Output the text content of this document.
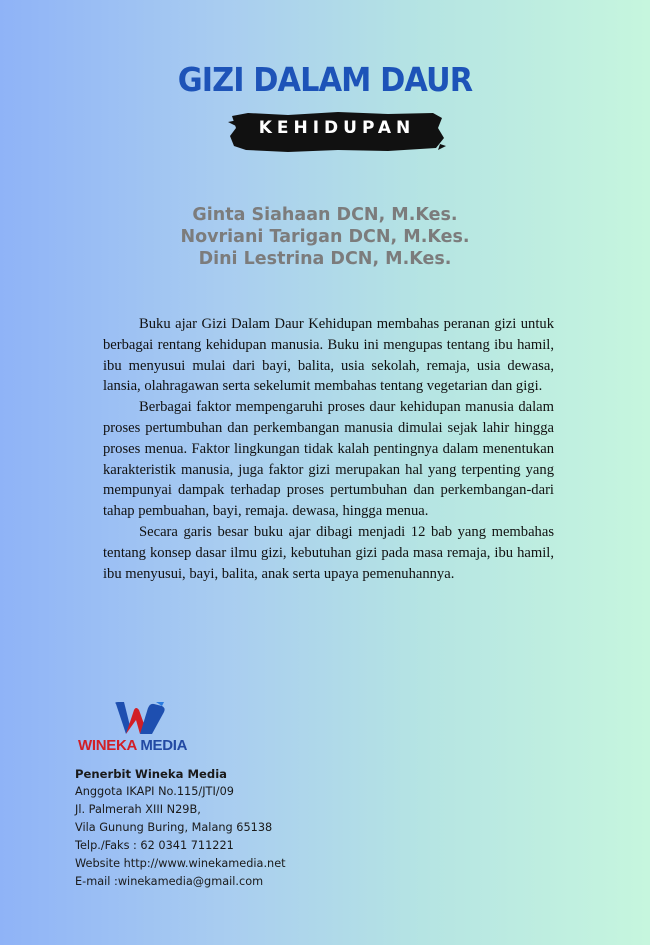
GIZI DALAM DAUR
KEHIDUPAN
Ginta Siahaan DCN, M.Kes.
Novriani Tarigan DCN, M.Kes.
Dini Lestrina DCN, M.Kes.

Buku ajar Gizi Dalam Daur Kehidupan membahas peranan gizi untuk berbagai rentang kehidupan manusia. Buku ini mengupas tentang ibu hamil, ibu menyusui mulai dari bayi, balita, usia sekolah, remaja, usia dewasa, lansia, olahragawan serta sekelumit membahas tentang vegetarian dan gigi.

Berbagai faktor mempengaruhi proses daur kehidupan manusia dalam proses pertumbuhan dan perkembangan manusia dimulai sejak lahir hingga proses menua. Faktor lingkungan tidak kalah pentingnya dalam menentukan karakteristik manusia, juga faktor gizi merupakan hal yang terpenting yang mempunyai dampak terhadap proses pertumbuhan dan perkembangan-dari tahap pembuahan, bayi, remaja. dewasa, hingga menua.

Secara garis besar buku ajar dibagi menjadi 12 bab yang membahas tentang konsep dasar ilmu gizi, kebutuhan gizi pada masa remaja, ibu hamil, ibu menyusui, bayi, balita, anak serta upaya pemenuhannya.

WINEKA MEDIA
Penerbit Wineka Media
Anggota IKAPI No.115/JTI/09
Jl. Palmerah XIII N29B,
Vila Gunung Buring, Malang 65138
Telp./Faks : 62 0341 711221
Website http://www.winekamedia.net
E-mail :winekamedia@gmail.com
